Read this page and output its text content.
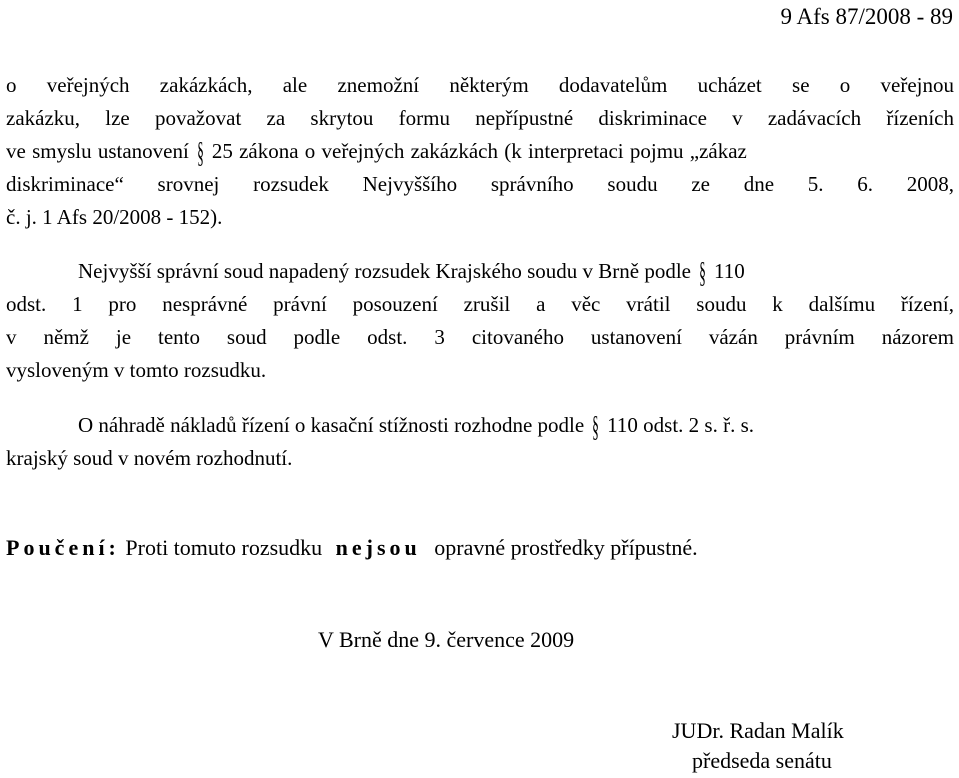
9 Afs 87/2008 - 89
o veřejných zakázkách, ale znemožní některým dodavatelům ucházet se o veřejnou
zakázku, lze považovat za skrytou formu nepřípustné diskriminace v zadávacích řízeních
ve smyslu ustanovení § 25 zákona o veřejných zakázkách (k interpretaci pojmu „zákaz
diskriminace“ srovnej rozsudek Nejvyššího správního soudu ze dne 5. 6. 2008,
č. j. 1 Afs 20/2008 - 152).
Nejvyšší správní soud napadený rozsudek Krajského soudu v Brně podle § 110
odst. 1 pro nesprávné právní posouzení zrušil a věc vrátil soudu k dalšímu řízení,
v němž je tento soud podle odst. 3 citovaného ustanovení vázán právním názorem
vysloveným v tomto rozsudku.
O náhradě nákladů řízení o kasační stížnosti rozhodne podle § 110 odst. 2 s. ř. s.
krajský soud v novém rozhodnutí.
Poučení: Proti tomuto rozsudku nejsou opravné prostředky přípustné.
V Brně dne 9. července 2009
JUDr. Radan Malík
předseda senátu
